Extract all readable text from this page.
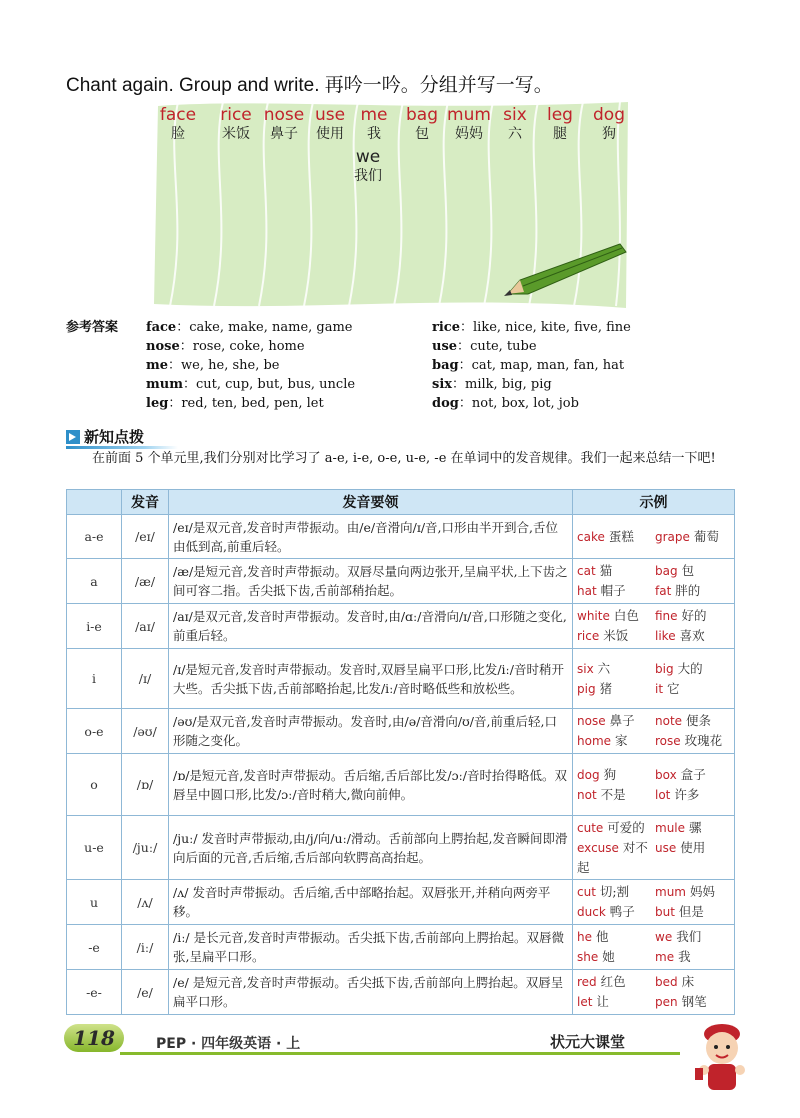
Chant again. Group and write. 再吟一吟。分组并写一写。
face
脸
rice
米饭
nose
鼻子
use
使用
me
我
bag
包
mum
妈妈
six
六
leg
腿
dog
狗
we
我们
参考答案 face：cake, make, name, game
nose：rose, coke, home
me：we, he, she, be
mum：cut, cup, but, bus, uncle
leg：red, ten, bed, pen, let
rice：like, nice, kite, five, fine
use：cute, tube
bag：cat, map, man, fan, hat
six：milk, big, pig
dog：not, box, lot, job
新知点拨
在前面 5 个单元里,我们分别对比学习了 a-e, i-e, o-e, u-e, -e 在单词中的发音规律。我们一起来总结一下吧!
	发音	发音要领	示例
a-e	/eɪ/	/eɪ/是双元音,发音时声带振动。由/e/音滑向/ɪ/音,口形由半开到合,舌位由低到高,前重后轻。	cake 蛋糕 grape 葡萄

a	/æ/	/æ/是短元音,发音时声带振动。双唇尽量向两边张开,呈扁平状,上下齿之间可容二指。舌尖抵下齿,舌前部稍抬起。	cat 猫 bag 包
hat 帽子 fat 胖的

i-e	/aɪ/	/aɪ/是双元音,发音时声带振动。发音时,由/ɑː/音滑向/ɪ/音,口形随之变化,前重后轻。	white 白色 fine 好的
rice 米饭 like 喜欢

i	/ɪ/	/ɪ/是短元音,发音时声带振动。发音时,双唇呈扁平口形,比发/iː/音时稍开大些。舌尖抵下齿,舌前部略抬起,比发/iː/音时略低些和放松些。	six 六 big 大的
pig 猪 it 它

o-e	/əʊ/	/əʊ/是双元音,发音时声带振动。发音时,由/ə/音滑向/ʊ/音,前重后轻,口形随之变化。	nose 鼻子 note 便条
home 家 rose 玫瑰花

o	/ɒ/	/ɒ/是短元音,发音时声带振动。舌后缩,舌后部比发/ɔː/音时抬得略低。双唇呈中圆口形,比发/ɔː/音时稍大,微向前伸。	dog 狗 box 盒子
not 不是 lot 许多

u-e	/juː/	/juː/ 发音时声带振动,由/j/向/uː/滑动。舌前部向上腭抬起,发音瞬间即滑向后面的元音,舌后缩,舌后部向软腭高高抬起。	cute 可爱的 mule 骡
excuse 对不起
use 使用

u	/ʌ/	/ʌ/ 发音时声带振动。舌后缩,舌中部略抬起。双唇张开,并稍向两旁平移。	cut 切;割 mum 妈妈
duck 鸭子 but 但是

-e	/iː/	/iː/ 是长元音,发音时声带振动。舌尖抵下齿,舌前部向上腭抬起。双唇微张,呈扁平口形。	he 他 we 我们
she 她 me 我

-e-	/e/	/e/ 是短元音,发音时声带振动。舌尖抵下齿,舌前部向上腭抬起。双唇呈扁平口形。	red 红色 bed 床
let 让 pen 钢笔
118	PEP · 四年级英语 · 上	状元大课堂
